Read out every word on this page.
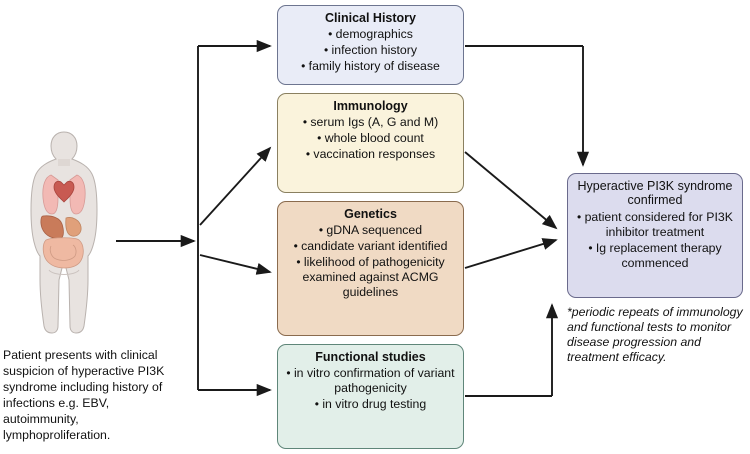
Clinical History
• demographics
• infection history
• family history of disease
Immunology
• serum Igs (A, G and M)
• whole blood count
• vaccination responses
Genetics
• gDNA sequenced
• candidate variant identified
• likelihood of pathogenicity examined against ACMG guidelines
Functional studies
• in vitro confirmation of variant pathogenicity
• in vitro drug testing
Hyperactive PI3K syndrome confirmed
• patient considered for PI3K inhibitor treatment
• Ig replacement therapy commenced
*periodic repeats of immunology and functional tests to monitor disease progression and treatment efficacy.
Patient presents with clinical suspicion of hyperactive PI3K syndrome including history of infections e.g. EBV, autoimmunity, lymphoproliferation.
